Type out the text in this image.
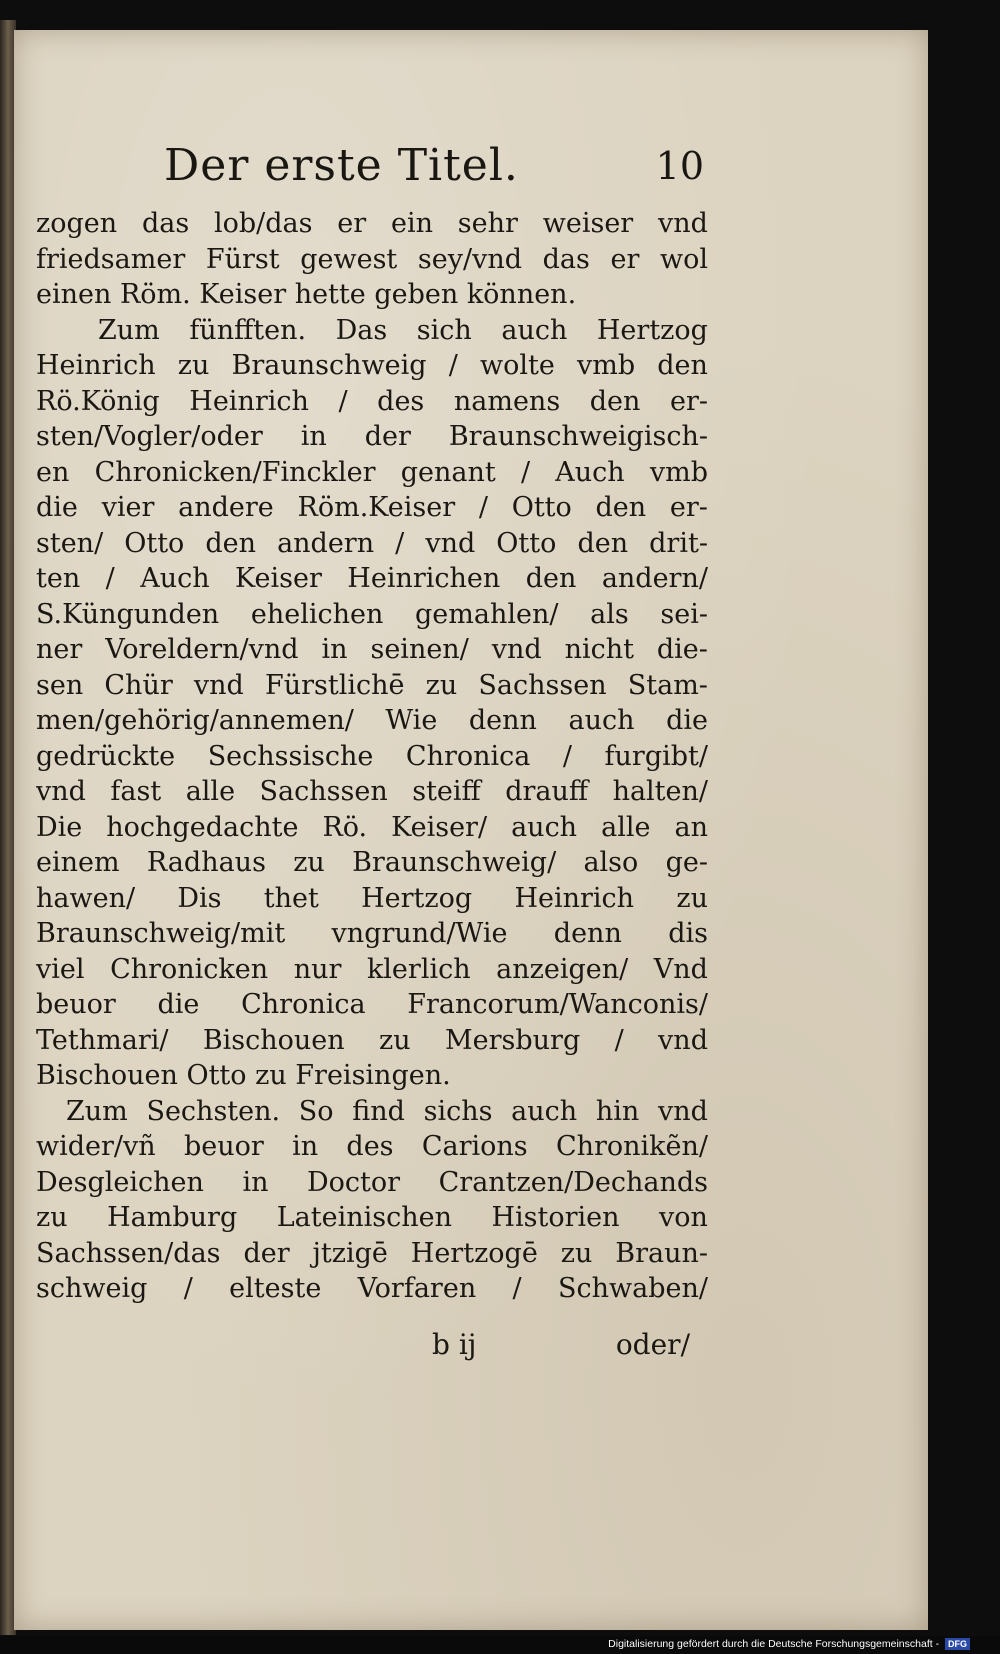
Der erste Titel.	10
zogen das lob/das er ein sehr weiser vnd
friedsamer Fürst gewest sey/vnd das er wol
einen Röm. Keiser hette geben können.
Zum fünfften. Das sich auch Hertzog
Heinrich zu Braunschweig / wolte vmb den
Rö.König Heinrich / des namens den er-
sten/Vogler/oder in der Braunschweigisch-
en Chronicken/Finckler genant / Auch vmb
die vier andere Röm.Keiser / Otto den er-
sten/ Otto den andern / vnd Otto den drit-
ten / Auch Keiser Heinrichen den andern/
S.Küngunden ehelichen gemahlen/ als sei-
ner Voreldern/vnd in seinen/ vnd nicht die-
sen Chür vnd Fürstlichē zu Sachssen Stam-
men/gehörig/annemen/ Wie denn auch die
gedrückte Sechssische Chronica / furgibt/
vnd fast alle Sachssen steiff drauff halten/
Die hochgedachte Rö. Keiser/ auch alle an
einem Radhaus zu Braunschweig/ also ge-
hawen/ Dis thet Hertzog Heinrich zu
Braunschweig/mit vngrund/Wie denn dis
viel Chronicken nur klerlich anzeigen/ Vnd
beuor die Chronica Francorum/Wanconis/
Tethmari/ Bischouen zu Mersburg / vnd
Bischouen Otto zu Freisingen.
Zum Sechsten. So find sichs auch hin vnd
wider/vñ beuor in des Carions Chronikẽn/
Desgleichen in Doctor Crantzen/Dechands
zu Hamburg Lateinischen Historien von
Sachssen/das der jtzigē Hertzogē zu Braun-
schweig / elteste Vorfaren / Schwaben/
b ij	oder/
Digitalisierung gefördert durch die Deutsche Forschungsgemeinschaft - DFG
